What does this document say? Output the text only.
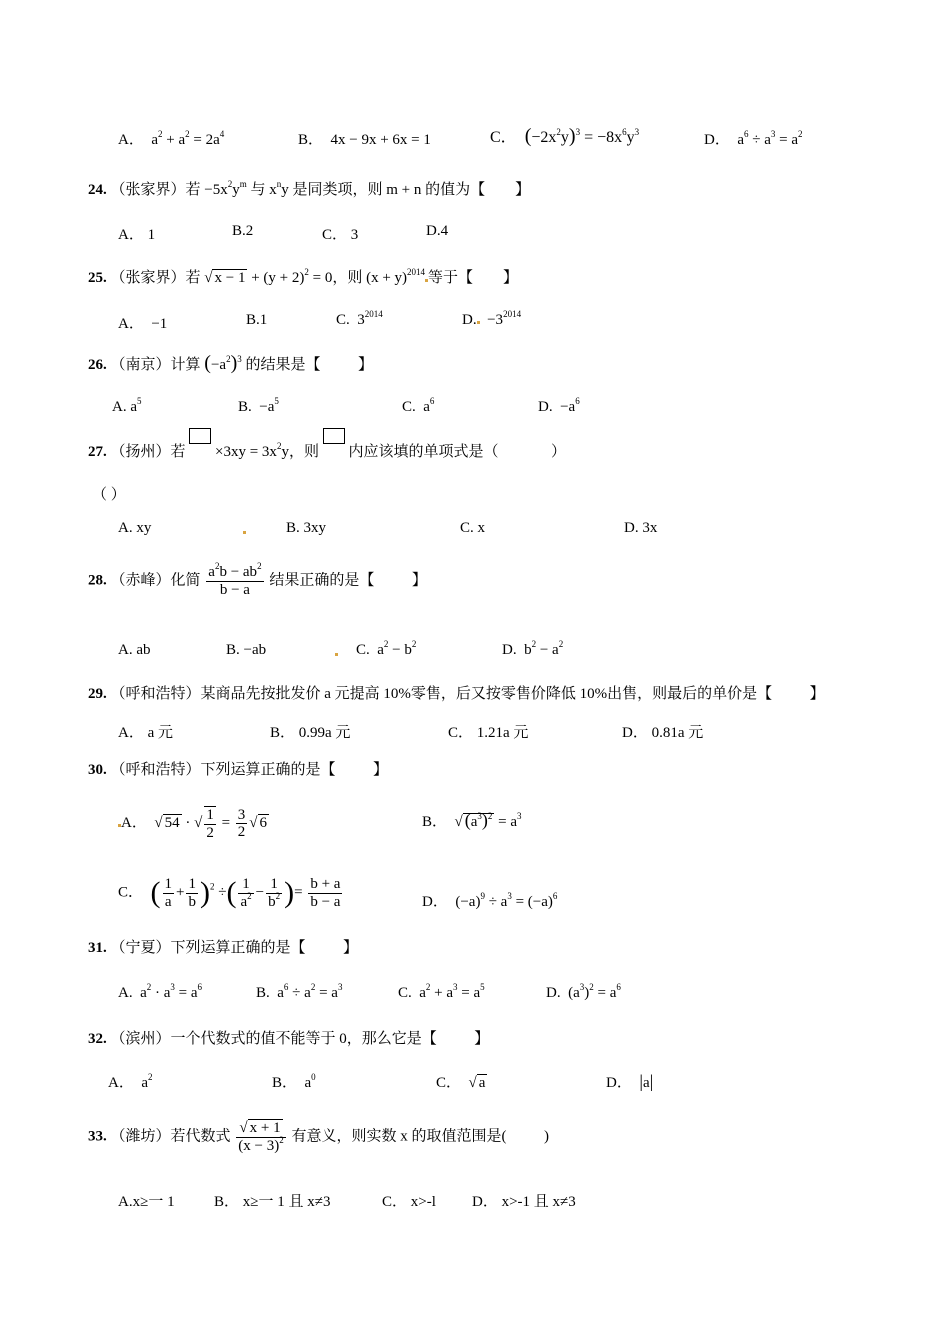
A．  $a^2 + a^2 = 2a^4$	B．  4x − 9x + 6x = 1	C．  $(-2x^2y)^3 = -8x^6y^3$	D．  $a^6 \div a^3 = a^2$
24. （张家界）若 $-5x^2y^m$ 与 $x^ny$ 是同类项，则 m + n 的值为【        】
A． 1	B.2	C． 3	D.4
25. （张家界）若 √ $x - 1 + (y + 2)^2 = 0$，则 $(x + y)^{2014}$ 等于【        】
A．  −1	B.1	C.  $3^{2014}$	D.  $-3^{2014}$
26. （南京）计算 $(-a^2)^3$ 的结果是【          】
A. $a^5$	B.  $-a^5$	C.  $a^6$	D.  $-a^6$
27. （扬州）若  $\times 3xy = 3x^2y$，则  内应该填的单项式是（              ）
（ ）
A. xy	B. 3xy	C. x	D. 3x
28. （赤峰）化简 $\frac{a^2b - ab^2}{b - a}$ 结果正确的是【          】
A. ab	B. −ab	C.  $a^2 - b^2$	D.  $b^2 - a^2$
29. （呼和浩特）某商品先按批发价 a 元提高 10%零售，后又按零售价降低 10%出售，则最后的单价是【          】
A． a 元	B． 0.99a 元	C． 1.21a 元	D． 0.81a 元
30. （呼和浩特）下列运算正确的是【          】
A．  √ 54 · √ $\frac{1}{2} = \frac{3}{2}$ √ 6	B．  √ $(a^3)^2 = a^3$
C．  ( $\frac{1}{a} + \frac{1}{b} )^2$ ÷( $\frac{1}{a^2} - \frac{1}{b^2}$ )= $\frac{b + a}{b - a}$	D．  $(-a)^9 \div a^3 = (-a)^6$
31. （宁夏）下列运算正确的是【          】
A.  $a^2 \cdot a^3 = a^6$	B.  $a^6 \div a^2 = a^3$	C.  $a^2 + a^3 = a^5$	D.  $(a^3)^2 = a^6$
32. （滨州）一个代数式的值不能等于 0，那么它是【          】
A．  $a^2$	B．  $a^0$	C．  √ a	D．  |a|
33. （潍坊）若代数式 $\frac{√ x + 1}{(x - 3)^2}$ 有意义，则实数 x 的取值范围是(          )
A.x≥一 1	B． x≥一 1 且 x≠3	C． x>-l D． x>-1 且 x≠3
